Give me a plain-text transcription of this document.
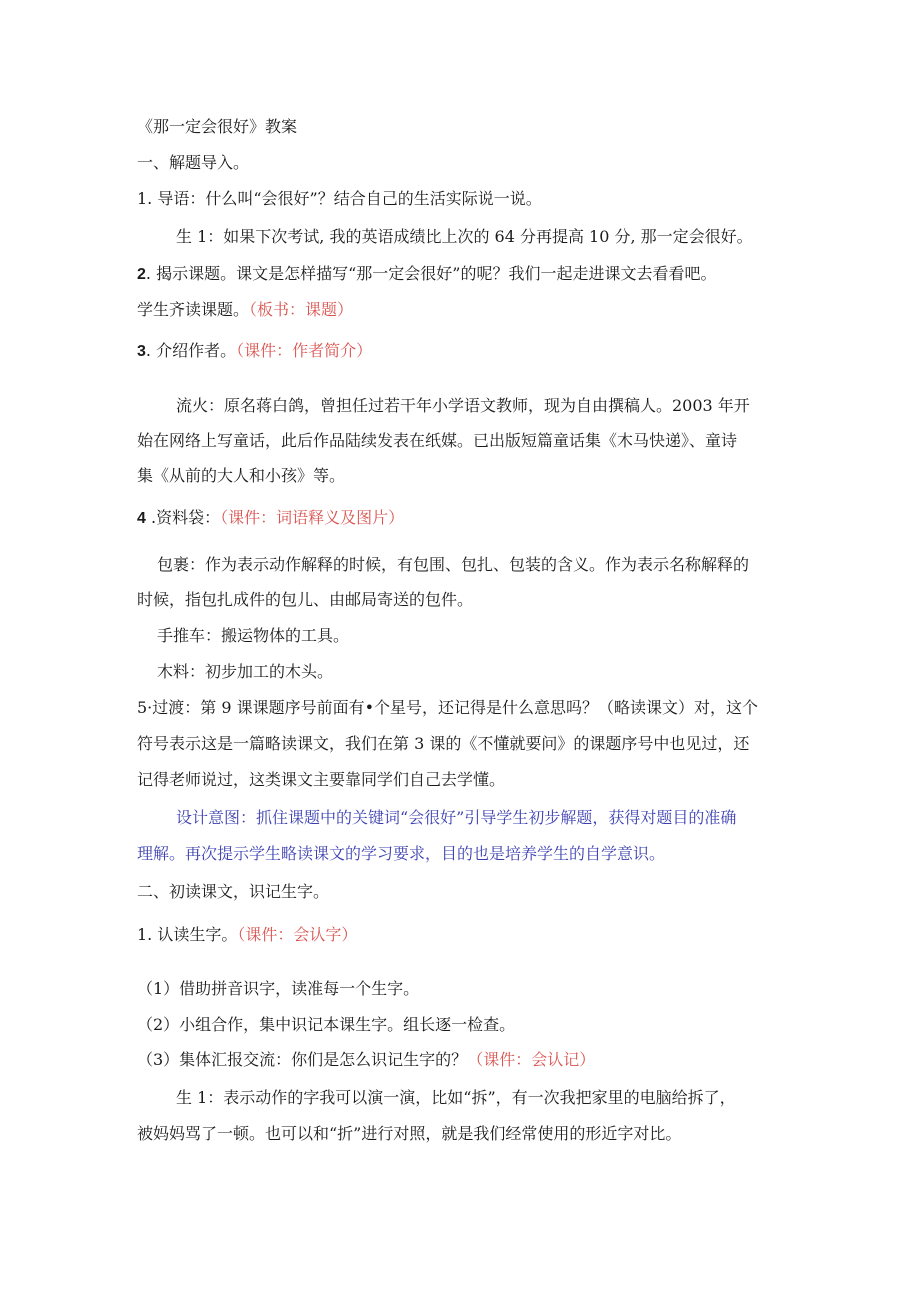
《那一定会很好》教案
一、解题导入。
1. 导语：什么叫“会很好”？结合自己的生活实际说一说。
生 1：如果下次考试, 我的英语成绩比上次的 64 分再提高 10 分, 那一定会很好。
2. 揭示课题。课文是怎样描写“那一定会很好”的呢？我们一起走进课文去看看吧。
学生齐读课题。（板书：课题）
3. 介绍作者。（课件：作者简介）
流火：原名蒋白鸽，曾担任过若干年小学语文教师，现为自由撰稿人。2003 年开
始在网络上写童话，此后作品陆续发表在纸媒。已出版短篇童话集《木马快递》、童诗
集《从前的大人和小孩》等。
4 .资料袋：（课件：词语释义及图片）
包裹：作为表示动作解释的时候，有包围、包扎、包装的含义。作为表示名称解释的
时候，指包扎成件的包儿、由邮局寄送的包件。
手推车：搬运物体的工具。
木料：初步加工的木头。
5·过渡：第 9 课课题序号前面有•个星号，还记得是什么意思吗？（略读课文）对，这个
符号表示这是一篇略读课文，我们在第 3 课的《不懂就要问》的课题序号中也见过，还
记得老师说过，这类课文主要靠同学们自己去学懂。
设计意图：抓住课题中的关键词“会很好”引导学生初步解题，获得对题目的准确
理解。再次提示学生略读课文的学习要求，目的也是培养学生的自学意识。
二、初读课文，识记生字。
1. 认读生字。（课件：会认字）
（1）借助拼音识字，读准每一个生字。
（2）小组合作，集中识记本课生字。组长逐一检查。
（3）集体汇报交流：你们是怎么识记生字的？（课件：会认记）
生 1：表示动作的字我可以演一演，比如“拆”，有一次我把家里的电脑给拆了，
被妈妈骂了一顿。也可以和“折”进行对照，就是我们经常使用的形近字对比。
